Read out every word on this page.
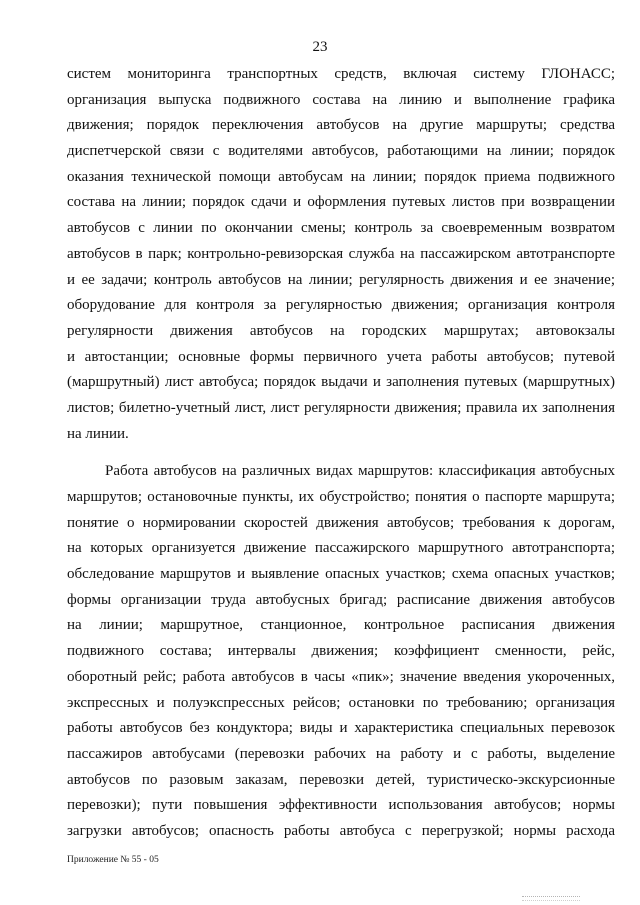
23
систем мониторинга транспортных средств, включая систему ГЛОНАСС;
организация выпуска подвижного состава на линию и выполнение графика
движения; порядок переключения автобусов на другие маршруты; средства
диспетчерской связи с водителями автобусов, работающими на линии; порядок
оказания технической помощи автобусам на линии; порядок приема подвижного
состава на линии; порядок сдачи и оформления путевых листов при возвращении
автобусов с линии по окончании смены; контроль за своевременным возвратом
автобусов в парк; контрольно-ревизорская служба на пассажирском автотранспорте
и ее задачи; контроль автобусов на линии; регулярность движения и ее значение;
оборудование для контроля за регулярностью движения; организация контроля
регулярности движения автобусов на городских маршрутах; автовокзалы
и автостанции; основные формы первичного учета работы автобусов; путевой
(маршрутный) лист автобуса; порядок выдачи и заполнения путевых (маршрутных)
листов; билетно-учетный лист, лист регулярности движения; правила их заполнения
на линии.
Работа автобусов на различных видах маршрутов: классификация автобусных
маршрутов; остановочные пункты, их обустройство; понятия о паспорте маршрута;
понятие о нормировании скоростей движения автобусов; требования к дорогам,
на которых организуется движение пассажирского маршрутного автотранспорта;
обследование маршрутов и выявление опасных участков; схема опасных участков;
формы организации труда автобусных бригад; расписание движения автобусов
на линии; маршрутное, станционное, контрольное расписания движения
подвижного состава; интервалы движения; коэффициент сменности, рейс,
оборотный рейс; работа автобусов в часы «пик»; значение введения укороченных,
экспрессных и полуэкспрессных рейсов; остановки по требованию; организация
работы автобусов без кондуктора; виды и характеристика специальных перевозок
пассажиров автобусами (перевозки рабочих на работу и с работы, выделение
автобусов по разовым заказам, перевозки детей, туристическо-экскурсионные
перевозки); пути повышения эффективности использования автобусов; нормы
загрузки автобусов; опасность работы автобуса с перегрузкой; нормы расхода
Приложение № 55 - 05
